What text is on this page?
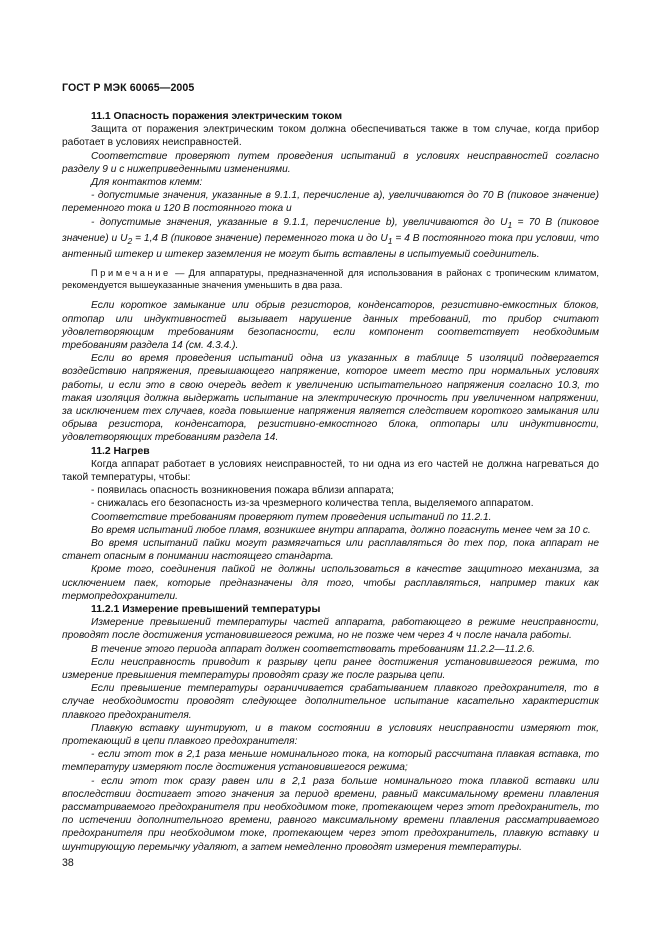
ГОСТ Р МЭК 60065—2005

11.1 Опасность поражения электрическим током

Защита от поражения электрическим током должна обеспечиваться также в том случае, когда прибор работает в условиях неисправностей.

Соответствие проверяют путем проведения испытаний в условиях неисправностей согласно разделу 9 и с нижеприведенными изменениями.

Для контактов клемм:

- допустимые значения, указанные в 9.1.1, перечисление a), увеличиваются до 70 В (пиковое значение) переменного тока и 120 В постоянного тока и

- допустимые значения, указанные в 9.1.1, перечисление b), увеличиваются до $U_1 = 70$ В (пиковое значение) и $U_2 = 1,4$ В (пиковое значение) переменного тока и до $U_1 = 4$ В постоянного тока при условии, что антенный штекер и штекер заземления не могут быть вставлены в испытуемый соединитель.

Примечание — Для аппаратуры, предназначенной для использования в районах с тропическим климатом, рекомендуется вышеуказанные значения уменьшить в два раза.

Если короткое замыкание или обрыв резисторов, конденсаторов, резистивно-емкостных блоков, оптопар или индуктивностей вызывает нарушение данных требований, то прибор считают удовлетворяющим требованиям безопасности, если компонент соответствует необходимым требованиям раздела 14 (см. 4.3.4.).

Если во время проведения испытаний одна из указанных в таблице 5 изоляций подвергается воздействию напряжения, превышающего напряжение, которое имеет место при нормальных условиях работы, и если это в свою очередь ведет к увеличению испытательного напряжения согласно 10.3, то такая изоляция должна выдержать испытание на электрическую прочность при увеличенном напряжении, за исключением тех случаев, когда повышение напряжения является следствием короткого замыкания или обрыва резистора, конденсатора, резистивно-емкостного блока, оптопары или индуктивности, удовлетворяющих требованиям раздела 14.

11.2 Нагрев

Когда аппарат работает в условиях неисправностей, то ни одна из его частей не должна нагреваться до такой температуры, чтобы:

- появилась опасность возникновения пожара вблизи аппарата;

- снижалась его безопасность из-за чрезмерного количества тепла, выделяемого аппаратом.

Соответствие требованиям проверяют путем проведения испытаний по 11.2.1.

Во время испытаний любое пламя, возникшее внутри аппарата, должно погаснуть менее чем за 10 с.

Во время испытаний пайки могут размягчаться или расплавляться до тех пор, пока аппарат не станет опасным в понимании настоящего стандарта.

Кроме того, соединения пайкой не должны использоваться в качестве защитного механизма, за исключением паек, которые предназначены для того, чтобы расплавляться, например таких как термопредохранители.

11.2.1 Измерение превышений температуры

Измерение превышений температуры частей аппарата, работающего в режиме неисправности, проводят после достижения установившегося режима, но не позже чем через 4 ч после начала работы.

В течение этого периода аппарат должен соответствовать требованиям 11.2.2—11.2.6.

Если неисправность приводит к разрыву цепи ранее достижения установившегося режима, то измерение превышения температуры проводят сразу же после разрыва цепи.

Если превышение температуры ограничивается срабатыванием плавкого предохранителя, то в случае необходимости проводят следующее дополнительное испытание касательно характеристик плавкого предохранителя.

Плавкую вставку шунтируют, и в таком состоянии в условиях неисправности измеряют ток, протекающий в цепи плавкого предохранителя:

- если этот ток в 2,1 раза меньше номинального тока, на который рассчитана плавкая вставка, то температуру измеряют после достижения установившегося режима;

- если этот ток сразу равен или в 2,1 раза больше номинального тока плавкой вставки или впоследствии достигает этого значения за период времени, равный максимальному времени плавления рассматриваемого предохранителя при необходимом токе, протекающем через этот предохранитель, то по истечении дополнительного времени, равного максимальному времени плавления рассматриваемого предохранителя при необходимом токе, протекающем через этот предохранитель, плавкую вставку и шунтирующую перемычку удаляют, а затем немедленно проводят измерения температуры.

38
